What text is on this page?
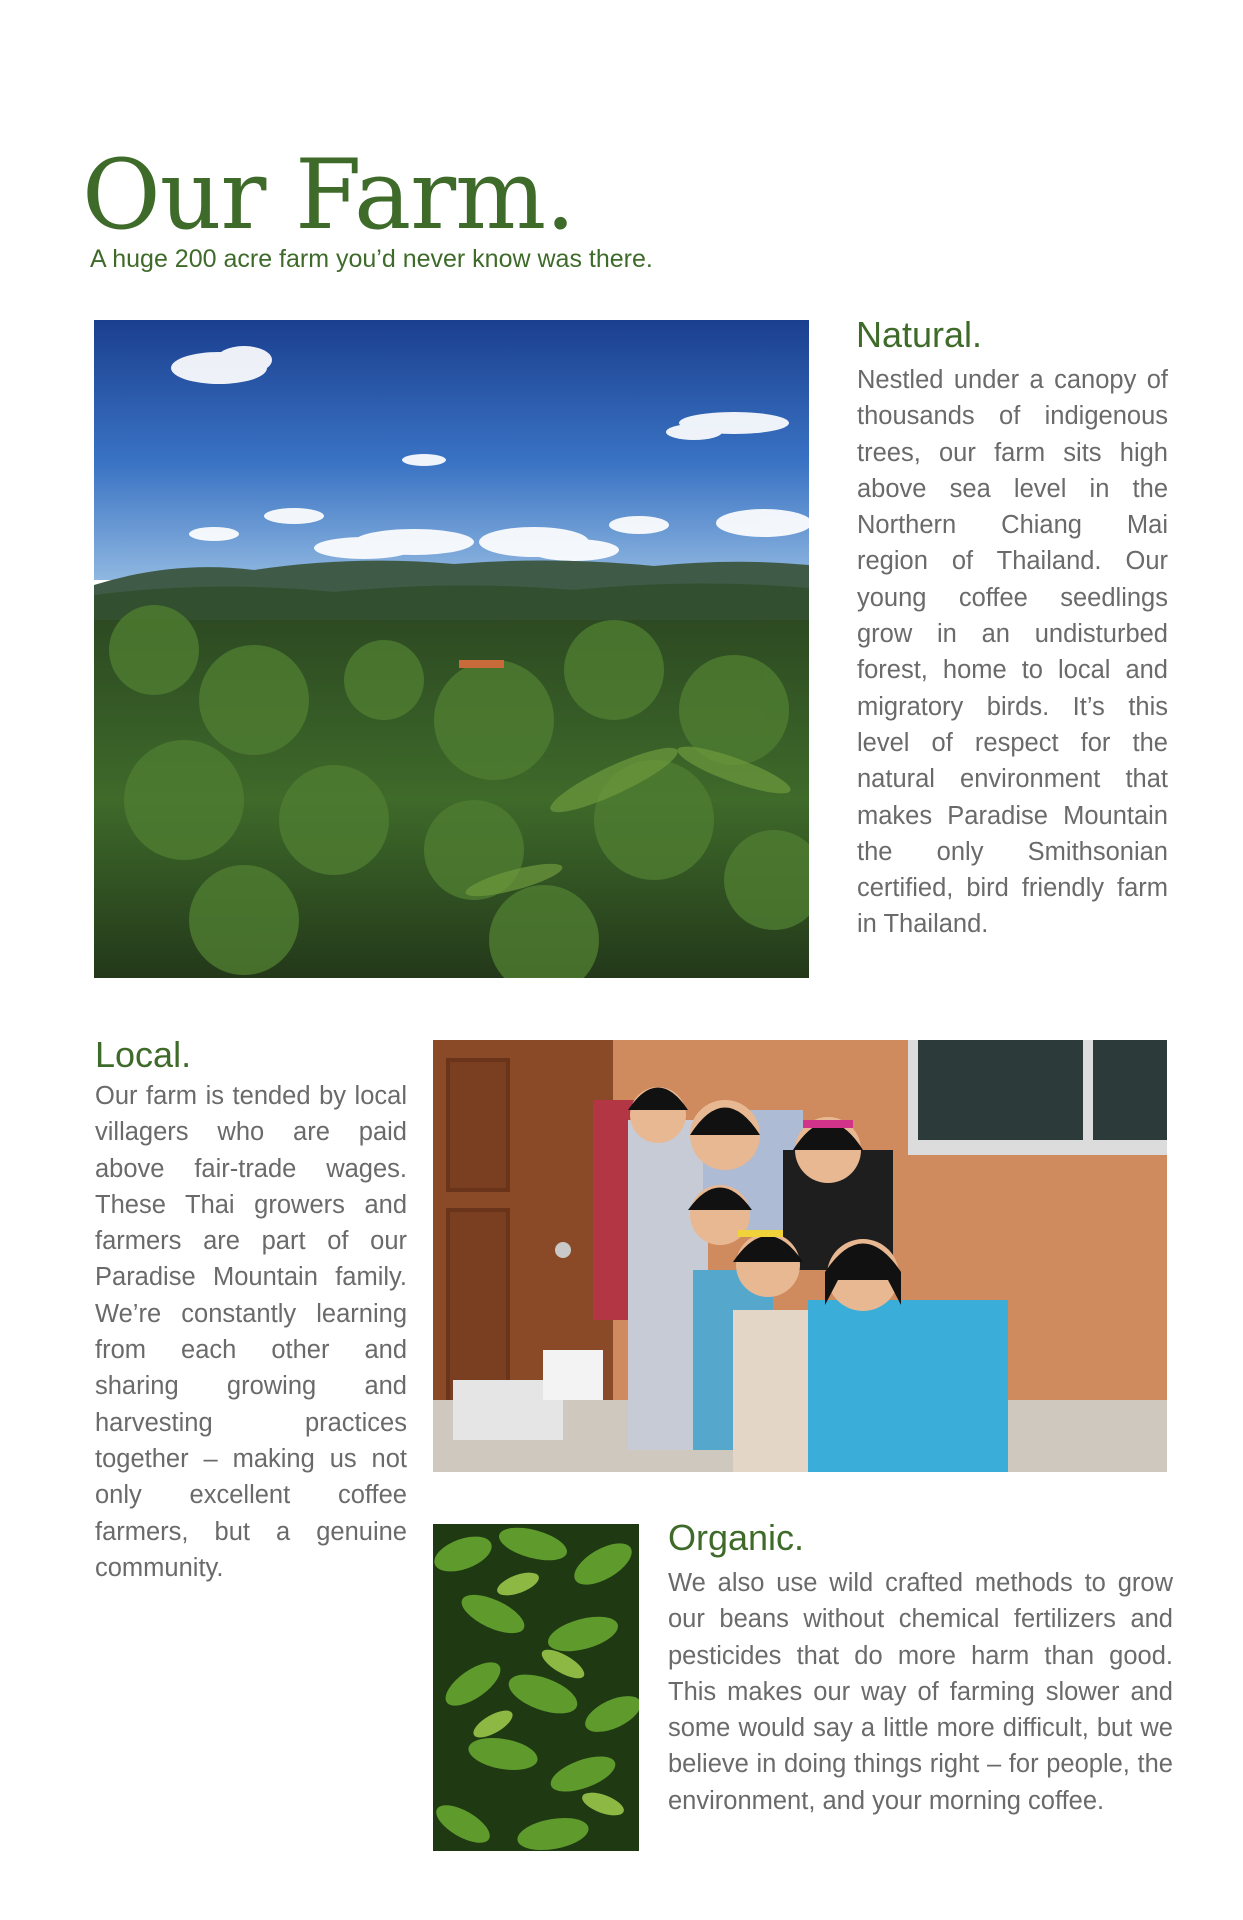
Our Farm.

A huge 200 acre farm you’d never know was there.

Natural.

Nestled under a canopy of thousands of indigenous trees, our farm sits high above sea level in the Northern Chiang Mai region of Thailand. Our young coffee seedlings grow in an undisturbed forest, home to local and migratory birds. It’s this level of respect for the natural environment that makes Paradise Mountain the only Smithsonian certified, bird friendly farm in Thailand.

Local.

Our farm is tended by local villagers who are paid above fair-trade wages. These Thai growers and farmers are part of our Paradise Mountain family. We’re constantly learning from each other and sharing growing and harvesting practices together – making us not only excellent coffee farmers, but a genuine community.

Organic.

We also use wild crafted methods to grow our beans without chemical fertilizers and pesticides that do more harm than good. This makes our way of farming slower and some would say a little more difficult, but we believe in doing things right – for people, the environment, and your morning coffee.
